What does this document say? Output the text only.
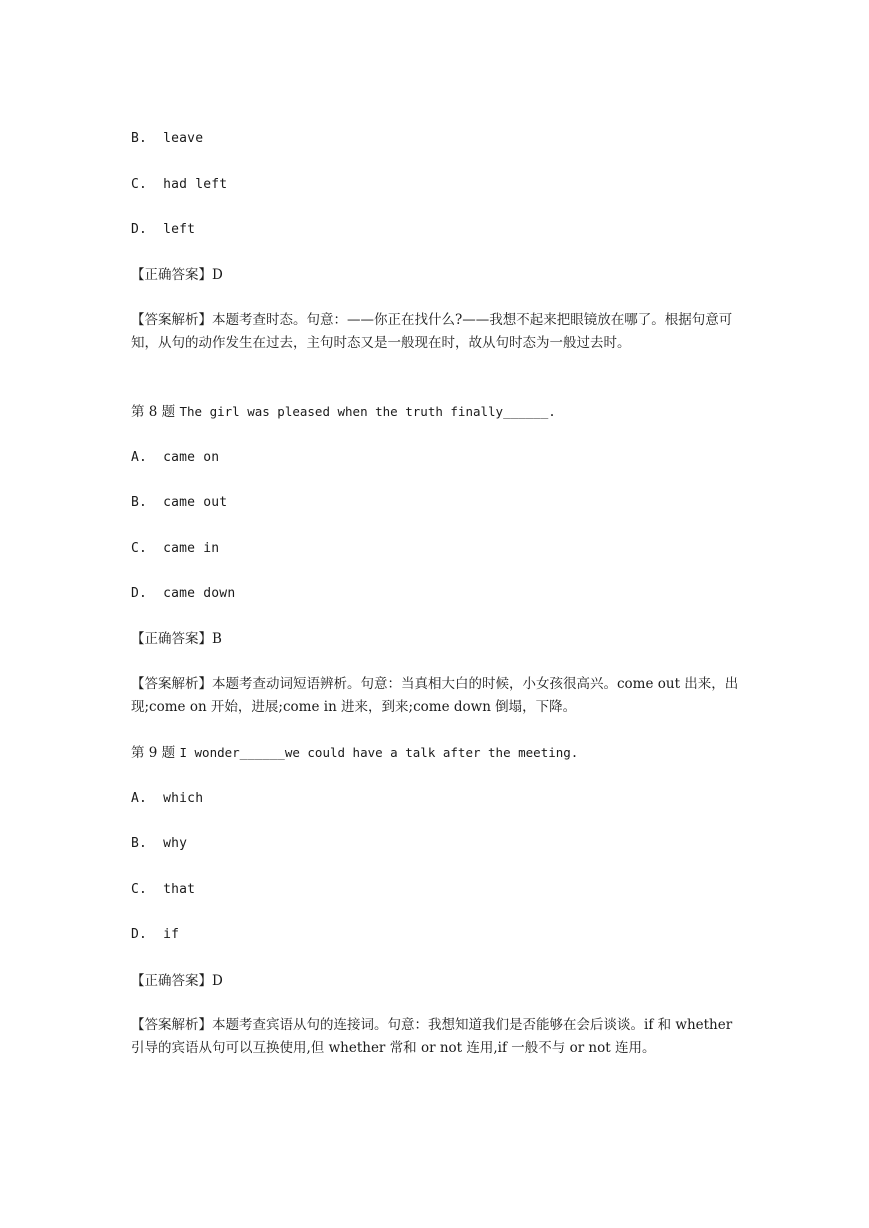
B.  leave
C.  had left
D.  left
【正确答案】D
【答案解析】本题考查时态。句意：——你正在找什么?——我想不起来把眼镜放在哪了。根据句意可知，从句的动作发生在过去，主句时态又是一般现在时，故从句时态为一般过去时。
第 8 题 The girl was pleased when the truth finally______.
A.  came on
B.  came out
C.  came in
D.  came down
【正确答案】B
【答案解析】本题考查动词短语辨析。句意：当真相大白的时候，小女孩很高兴。come out 出来，出现;come on 开始，进展;come in 进来，到来;come down 倒塌，下降。
第 9 题 I wonder______we could have a talk after the meeting.
A.  which
B.  why
C.  that
D.  if
【正确答案】D
【答案解析】本题考查宾语从句的连接词。句意：我想知道我们是否能够在会后谈谈。if 和 whether 引导的宾语从句可以互换使用,但 whether 常和 or not 连用,if 一般不与 or not 连用。
